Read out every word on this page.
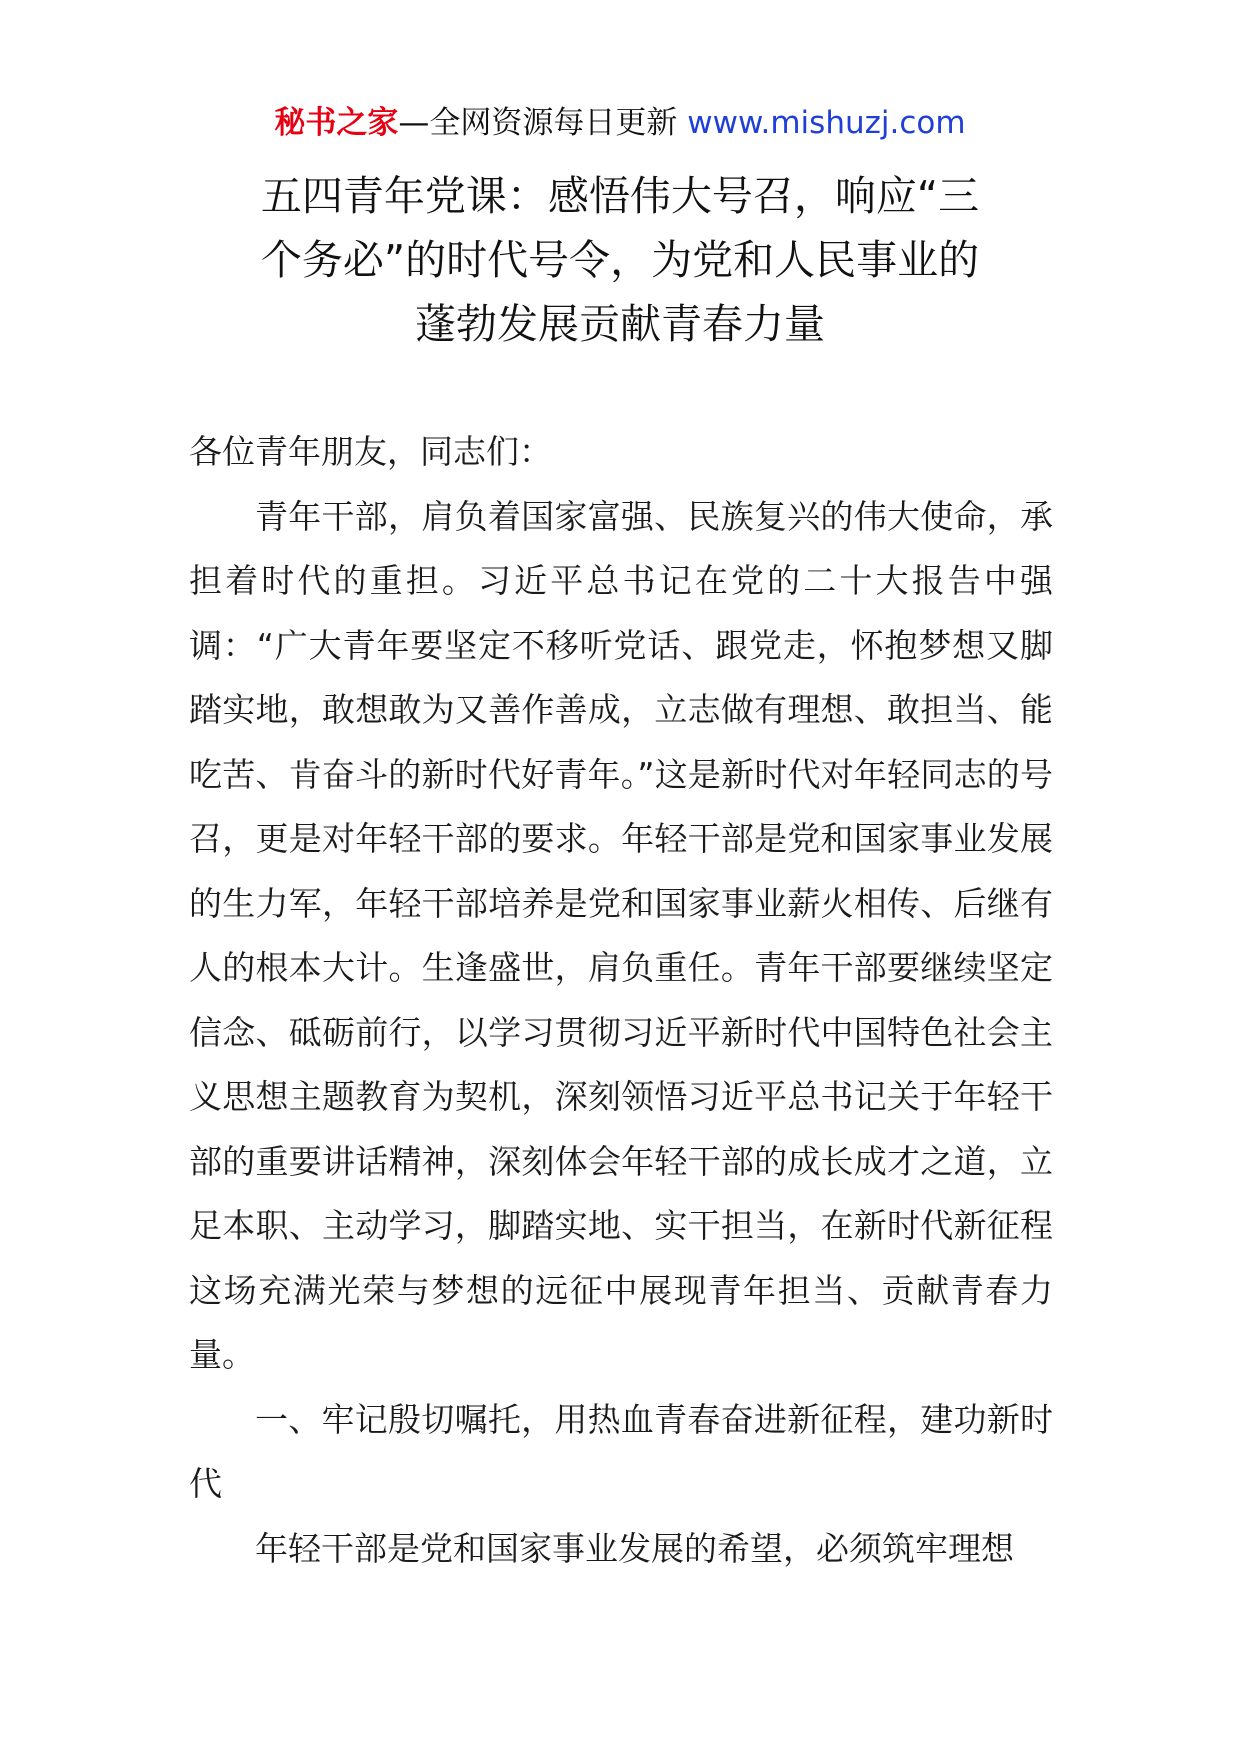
秘书之家—全网资源每日更新 www.mishuzj.com
五四青年党课：感悟伟大号召，响应“三
个务必”的时代号令，为党和人民事业的
蓬勃发展贡献青春力量

各位青年朋友，同志们：

青年干部，肩负着国家富强、民族复兴的伟大使命，承担着时代的重担。习近平总书记在党的二十大报告中强调：“广大青年要坚定不移听党话、跟党走，怀抱梦想又脚踏实地，敢想敢为又善作善成，立志做有理想、敢担当、能吃苦、肯奋斗的新时代好青年。”这是新时代对年轻同志的号召，更是对年轻干部的要求。年轻干部是党和国家事业发展的生力军，年轻干部培养是党和国家事业薪火相传、后继有人的根本大计。生逢盛世，肩负重任。青年干部要继续坚定信念、砥砺前行，以学习贯彻习近平新时代中国特色社会主义思想主题教育为契机，深刻领悟习近平总书记关于年轻干部的重要讲话精神，深刻体会年轻干部的成长成才之道，立足本职、主动学习，脚踏实地、实干担当，在新时代新征程这场充满光荣与梦想的远征中展现青年担当、贡献青春力量。

一、牢记殷切嘱托，用热血青春奋进新征程，建功新时代

年轻干部是党和国家事业发展的希望，必须筑牢理想
